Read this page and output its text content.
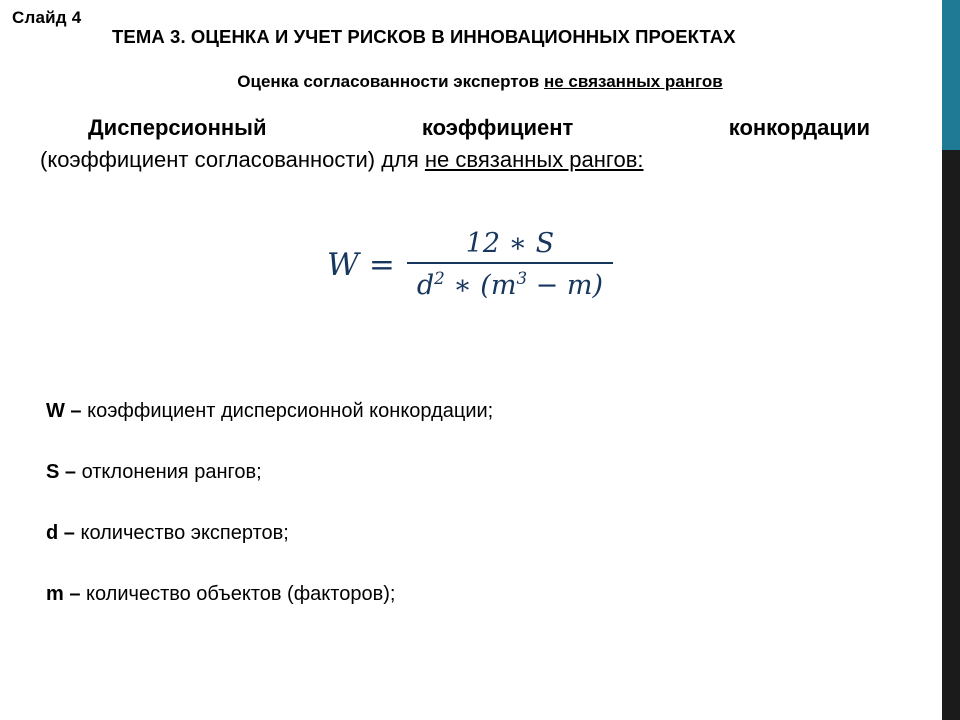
Слайд 4
ТЕМА 3. ОЦЕНКА И УЧЕТ РИСКОВ В ИННОВАЦИОННЫХ ПРОЕКТАХ
Оценка согласованности экспертов не связанных рангов
Дисперсионный коэффициент конкордации
(коэффициент согласованности) для не связанных рангов:
$W = \frac{12 ∗ S}{d^2 ∗ (m^3 - m)}$
W – коэффициент дисперсионной конкордации;
S – отклонения рангов;
d – количество экспертов;
m – количество объектов (факторов);
